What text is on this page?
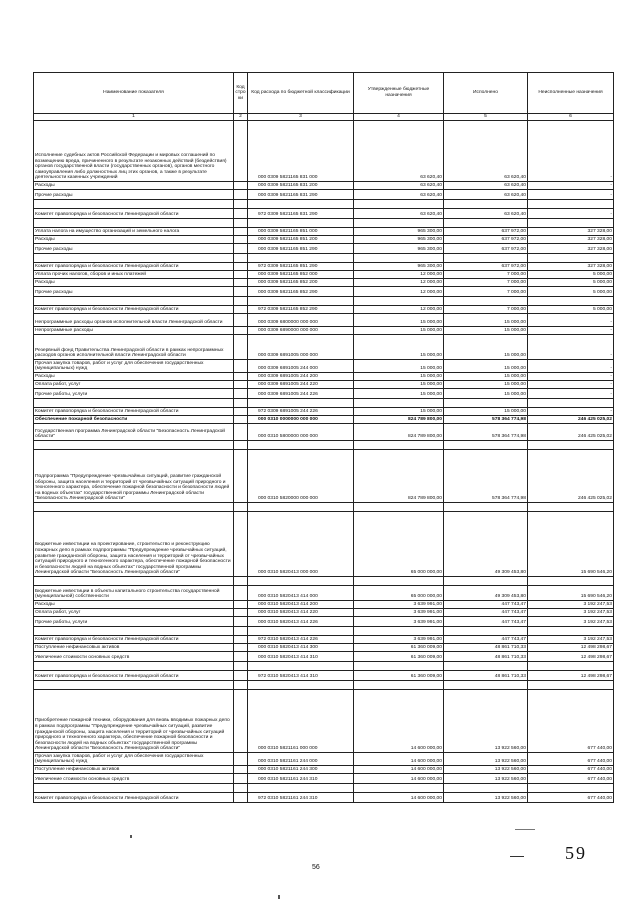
Наименование показателя	Код строки	Код расхода по бюджетной классификации	Утвержденные бюджетные назначения	Исполнено	Неисполненные назначения
1	2	3	4	5	6
Исполнение судебных актов Российской Федерации и мировых соглашений по возмещению вреда, причиненного в результате незаконных действий (бездействия) органов государственной власти (государственных органов), органов местного самоуправления либо должностных лиц этих органов, а также в результате деятельности казенных учреждений		000 0309 5821165 831 000	63 620,40	63 620,40	-
Расходы		000 0309 5821165 831 200	63 620,40	63 620,40	-
Прочие расходы		000 0309 5821165 831 290	63 620,40	63 620,40	-

Комитет правопорядка и безопасности Ленинградской области		972 0309 5821165 831 290	63 620,40	63 620,40	-

Уплата налога на имущество организаций и земельного налога		000 0309 5821165 851 000	965 300,00	637 972,00	327 328,00
Расходы		000 0309 5821165 851 200	965 300,00	637 972,00	327 328,00
Прочие расходы		000 0309 5821165 851 290	965 300,00	637 972,00	327 328,00

Комитет правопорядка и безопасности Ленинградской области		972 0309 5821165 851 290	965 300,00	637 972,00	327 328,00
Уплата прочих налогов, сборов и иных платежей		000 0309 5821165 852 000	12 000,00	7 000,00	5 000,00
Расходы		000 0309 5821165 852 200	12 000,00	7 000,00	5 000,00
Прочие расходы		000 0309 5821165 852 290	12 000,00	7 000,00	5 000,00

Комитет правопорядка и безопасности Ленинградской области		972 0309 5821165 852 290	12 000,00	7 000,00	5 000,00
Непрограммные расходы органов исполнительной власти Ленинградской области		000 0309 6800000 000 000	15 000,00	15 000,00	-
Непрограммные расходы		000 0309 6890000 000 000	15 000,00	15 000,00	-
Резервный фонд Правительства Ленинградской области в рамках непрограммных расходов органов исполнительной власти Ленинградской области		000 0309 6891005 000 000	15 000,00	15 000,00	-
Прочая закупка товаров, работ и услуг для обеспечения государственных (муниципальных) нужд		000 0309 6891005 244 000	15 000,00	15 000,00	-
Расходы		000 0309 6891005 244 200	15 000,00	15 000,00	-
Оплата работ, услуг		000 0309 6891005 244 220	15 000,00	15 000,00	-
Прочие работы, услуги		000 0309 6891005 244 226	15 000,00	15 000,00	-

Комитет правопорядка и безопасности Ленинградской области		972 0309 6891005 244 226	15 000,00	15 000,00	-
Обеспечение пожарной безопасности		000 0310 0000000 000 000	824 789 800,00	578 364 774,98	246 425 025,02
Государственная программа Ленинградской области "Безопасность Ленинградской области"		000 0310 5800000 000 000	824 789 800,00	578 364 774,98	246 425 025,02

Подпрограмма "Предупреждение чрезвычайных ситуаций, развитие гражданской обороны, защита населения и территорий от чрезвычайных ситуаций природного и техногенного характера, обеспечение пожарной безопасности и безопасности людей на водных объектах" государственной программы Ленинградской области "Безопасность Ленинградской области"		000 0310 5820000 000 000	824 789 800,00	578 364 774,98	246 425 025,02

Бюджетные инвестиции на проектирование, строительство и реконструкцию пожарных депо в рамках подпрограммы "Предупреждение чрезвычайных ситуаций, развитие гражданской обороны, защита населения и территорий от чрезвычайных ситуаций природного и техногенного характера, обеспечение пожарной безопасности и безопасности людей на водных объектах" государственной программы Ленинградской области "Безопасность Ленинградской области"		000 0310 5820413 000 000	65 000 000,00	49 309 453,80	15 690 546,20

Бюджетные инвестиции в объекты капитального строительства государственной (муниципальной) собственности		000 0310 5820413 414 000	65 000 000,00	49 309 453,80	15 690 546,20
Расходы		000 0310 5820413 414 200	3 639 991,00	447 743,47	3 192 247,53
Оплата работ, услуг		000 0310 5820413 414 220	3 639 991,00	447 743,47	3 192 247,53
Прочие работы, услуги		000 0310 5820413 414 226	3 639 991,00	447 743,47	3 192 247,53

Комитет правопорядка и безопасности Ленинградской области		972 0310 5820413 414 226	3 639 991,00	447 743,47	3 192 247,53
Поступление нефинансовых активов		000 0310 5820413 414 300	61 360 009,00	48 861 710,33	12 498 298,67
Увеличение стоимости основных средств		000 0310 5820413 414 310	61 360 009,00	48 861 710,33	12 498 298,67

Комитет правопорядка и безопасности Ленинградской области		972 0310 5820413 414 310	61 360 009,00	48 861 710,33	12 498 298,67

Приобретение пожарной техники, оборудования для вновь вводимых пожарных депо в рамках подпрограммы "Предупреждение чрезвычайных ситуаций, развитие гражданской обороны, защита населения и территорий от чрезвычайных ситуаций природного и техногенного характера, обеспечение пожарной безопасности и безопасности людей на водных объектах" государственной программы Ленинградской области "Безопасность Ленинградской области"		000 0310 5821161 000 000	14 600 000,00	13 922 560,00	677 440,00
Прочая закупка товаров, работ и услуг для обеспечения государственных (муниципальных) нужд		000 0310 5821161 244 000	14 600 000,00	13 922 560,00	677 440,00
Поступление нефинансовых активов		000 0310 5821161 244 300	14 600 000,00	13 922 560,00	677 440,00
Увеличение стоимости основных средств		000 0310 5821161 244 310	14 600 000,00	13 922 560,00	677 440,00

Комитет правопорядка и безопасности Ленинградской области		972 0310 5821161 244 310	14 600 000,00	13 922 560,00	677 440,00
56
59
